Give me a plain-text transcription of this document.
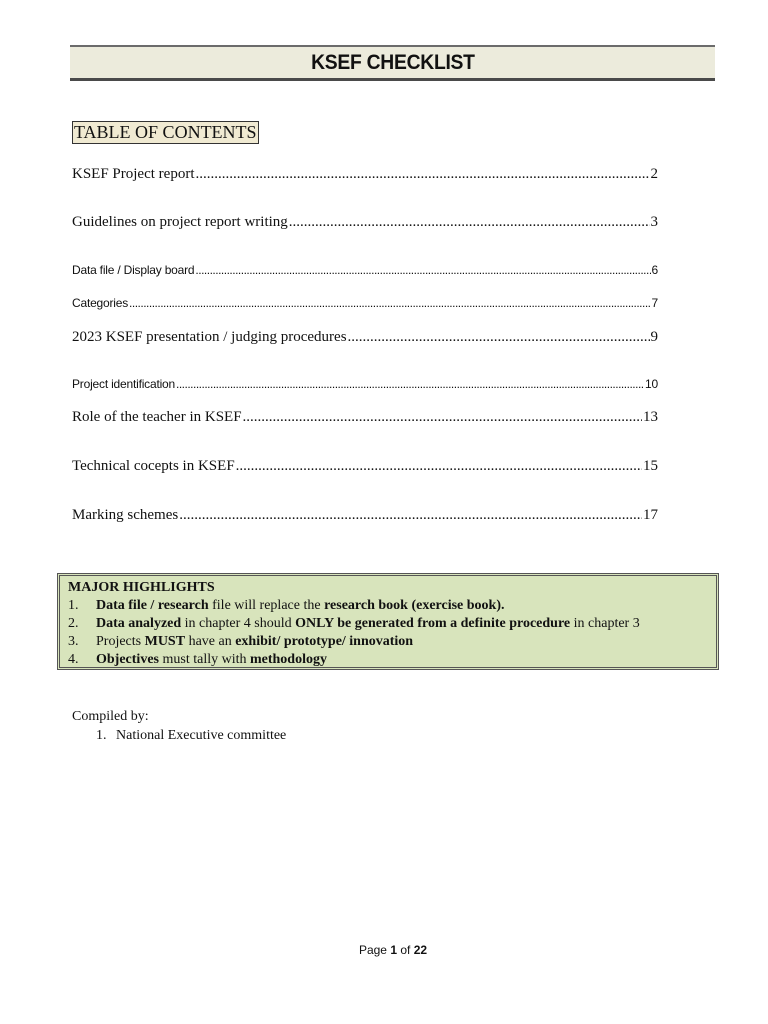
KSEF CHECKLIST
TABLE OF CONTENTS
KSEF Project report .....	2
Guidelines on project report writing .....	3
Data file / Display board .....	6
Categories .....	7
2023 KSEF presentation / judging procedures .....	9
Project identification .....	10
Role of the teacher in KSEF .....	13
Technical cocepts in KSEF .....	15
Marking schemes .....	17
MAJOR HIGHLIGHTS
1.	Data file / research file will replace the research book (exercise book).
2.	Data analyzed in chapter 4 should ONLY be generated from a definite procedure in chapter 3
3.	Projects MUST have an exhibit/ prototype/ innovation
4.	Objectives must tally with methodology
Compiled by:
1. National Executive committee
Page 1 of 22
